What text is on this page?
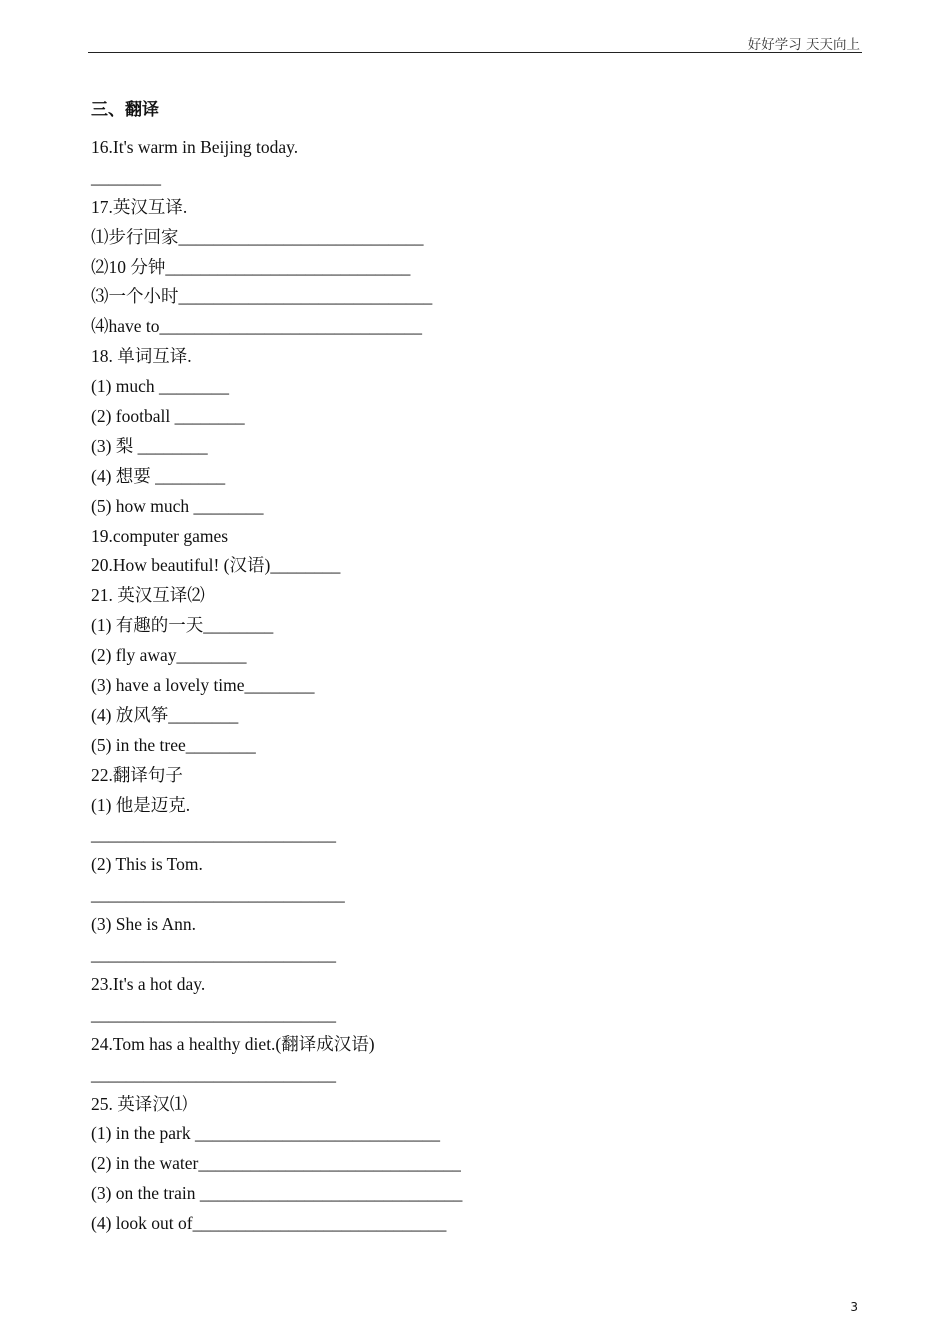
好好学习 天天向上
三、翻译
16.It's warm in Beijing today.
________
17.英汉互译.
⑴步行回家____________________________
⑵10 分钟____________________________
⑶一个小时_____________________________
⑷have to______________________________
18. 单词互译.
(1) much ________
(2) football ________
(3) 梨 ________
(4) 想要 ________
(5) how much ________
19.computer games
20.How beautiful! (汉语)________
21. 英汉互译⑵
(1) 有趣的一天________
(2) fly away________
(3) have a lovely time________
(4) 放风筝________
(5) in the tree________
22.翻译句子
(1) 他是迈克.
____________________________
(2) This is Tom.
_____________________________
(3) She is Ann.
____________________________
23.It's a hot day.
____________________________
24.Tom has a healthy diet.(翻译成汉语)
____________________________
25. 英译汉⑴
(1) in the park ____________________________
(2) in the water______________________________
(3) on the train ______________________________
(4) look out of_____________________________
3
